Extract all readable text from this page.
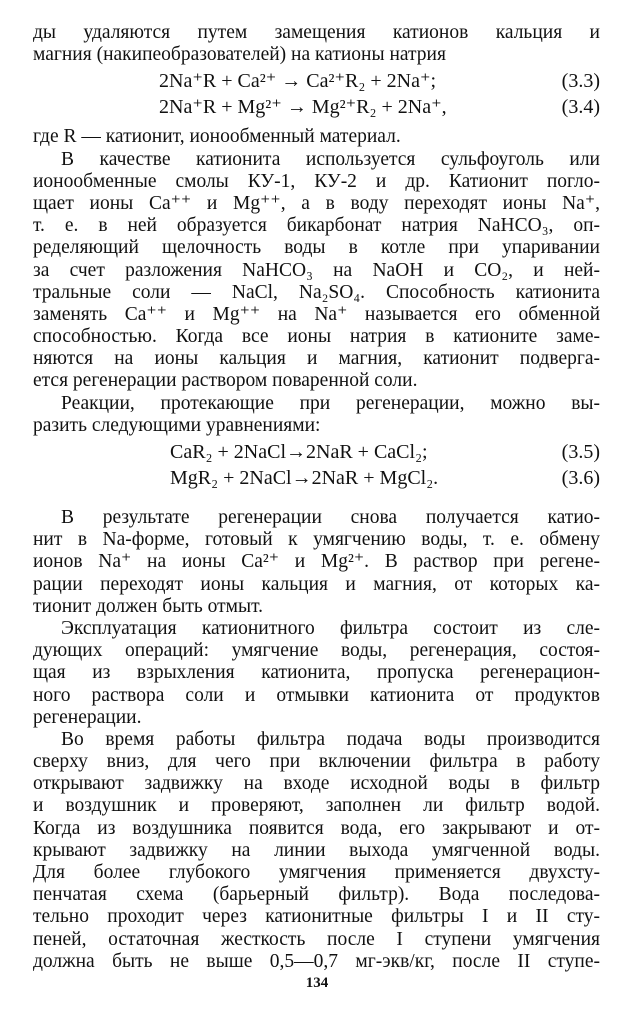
ды удаляются путем замещения катионов кальция и
магния (накипеобразователей) на катионы натрия
2Na⁺R + Ca²⁺ → Ca²⁺R₂ + 2Na⁺;	(3.3)
2Na⁺R + Mg²⁺ → Mg²⁺R₂ + 2Na⁺,	(3.4)
где R — катионит, ионообменный материал.
В качестве катионита используется сульфоуголь или
ионообменные смолы КУ-1, КУ-2 и др. Катионит погло-
щает ионы Ca⁺⁺ и Mg⁺⁺, а в воду переходят ионы Na⁺,
т. е. в ней образуется бикарбонат натрия NaHCO₃, оп-
ределяющий щелочность воды в котле при упаривании
за счет разложения NaHCO₃ на NaOH и CO₂, и ней-
тральные соли — NaCl, Na₂SO₄. Способность катионита
заменять Ca⁺⁺ и Mg⁺⁺ на Na⁺ называется его обменной
способностью. Когда все ионы натрия в катионите заме-
няются на ионы кальция и магния, катионит подверга-
ется регенерации раствором поваренной соли.
Реакции, протекающие при регенерации, можно вы-
разить следующими уравнениями:
CaR₂ + 2NaCl→2NaR + CaCl₂;	(3.5)
MgR₂ + 2NaCl→2NaR + MgCl₂.	(3.6)
В результате регенерации снова получается катио-
нит в Na-форме, готовый к умягчению воды, т. е. обмену
ионов Na⁺ на ионы Ca²⁺ и Mg²⁺. В раствор при регене-
рации переходят ионы кальция и магния, от которых ка-
тионит должен быть отмыт.
Эксплуатация катионитного фильтра состоит из сле-
дующих операций: умягчение воды, регенерация, состоя-
щая из взрыхления катионита, пропуска регенерацион-
ного раствора соли и отмывки катионита от продуктов
регенерации.
Во время работы фильтра подача воды производится
сверху вниз, для чего при включении фильтра в работу
открывают задвижку на входе исходной воды в фильтр
и воздушник и проверяют, заполнен ли фильтр водой.
Когда из воздушника появится вода, его закрывают и от-
крывают задвижку на линии выхода умягченной воды.
Для более глубокого умягчения применяется двухсту-
пенчатая схема (барьерный фильтр). Вода последова-
тельно проходит через катионитные фильтры I и II сту-
пеней, остаточная жесткость после I ступени умягчения
должна быть не выше 0,5—0,7 мг-экв/кг, после II ступе-
134
